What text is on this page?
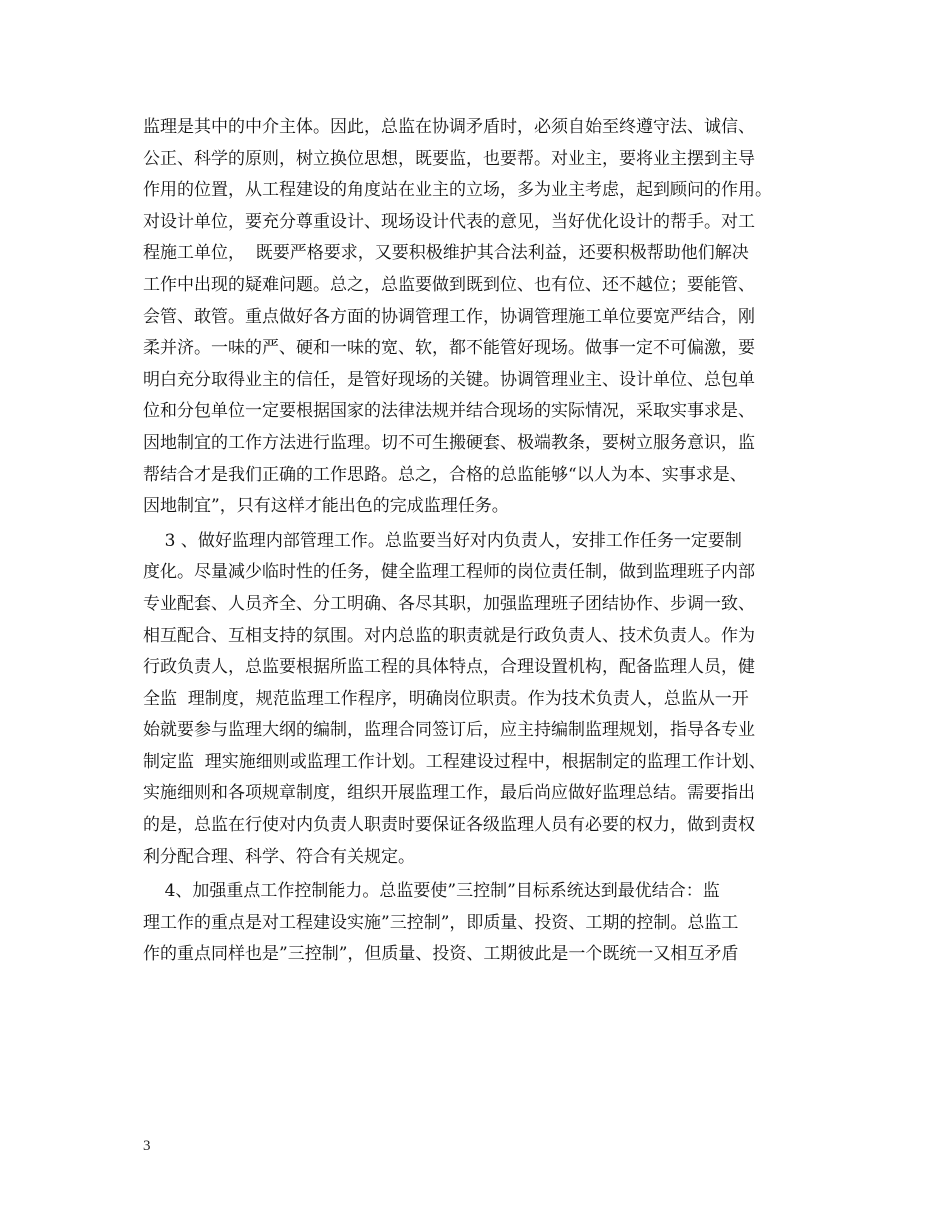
监理是其中的中介主体。因此，总监在协调矛盾时，必须自始至终遵守法、诚信、
公正、科学的原则，树立换位思想，既要监，也要帮。对业主，要将业主摆到主导
作用的位置，从工程建设的角度站在业主的立场，多为业主考虑，起到顾问的作用。
对设计单位，要充分尊重设计、现场设计代表的意见，当好优化设计的帮手。对工
程施工单位，  既要严格要求，又要积极维护其合法利益，还要积极帮助他们解决
工作中出现的疑难问题。总之，总监要做到既到位、也有位、还不越位；要能管、
会管、敢管。重点做好各方面的协调管理工作，协调管理施工单位要宽严结合，刚
柔并济。一味的严、硬和一味的宽、软，都不能管好现场。做事一定不可偏激，要
明白充分取得业主的信任，是管好现场的关键。协调管理业主、设计单位、总包单
位和分包单位一定要根据国家的法律法规并结合现场的实际情况，采取实事求是、
因地制宜的工作方法进行监理。切不可生搬硬套、极端教条，要树立服务意识，监
帮结合才是我们正确的工作思路。总之，合格的总监能够“以人为本、实事求是、
因地制宜”，只有这样才能出色的完成监理任务。
3 、做好监理内部管理工作。总监要当好对内负责人，安排工作任务一定要制
度化。尽量减少临时性的任务，健全监理工程师的岗位责任制，做到监理班子内部
专业配套、人员齐全、分工明确、各尽其职，加强监理班子团结协作、步调一致、
相互配合、互相支持的氛围。对内总监的职责就是行政负责人、技术负责人。作为
行政负责人，总监要根据所监工程的具体特点，合理设置机构，配备监理人员，健
全监  理制度，规范监理工作程序，明确岗位职责。作为技术负责人，总监从一开
始就要参与监理大纲的编制，监理合同签订后，应主持编制监理规划，指导各专业
制定监  理实施细则或监理工作计划。工程建设过程中，根据制定的监理工作计划、
实施细则和各项规章制度，组织开展监理工作，最后尚应做好监理总结。需要指出
的是，总监在行使对内负责人职责时要保证各级监理人员有必要的权力，做到责权
利分配合理、科学、符合有关规定。
4、加强重点工作控制能力。总监要使”三控制”目标系统达到最优结合：监
理工作的重点是对工程建设实施”三控制”，即质量、投资、工期的控制。总监工
作的重点同样也是”三控制”，但质量、投资、工期彼此是一个既统一又相互矛盾
3
